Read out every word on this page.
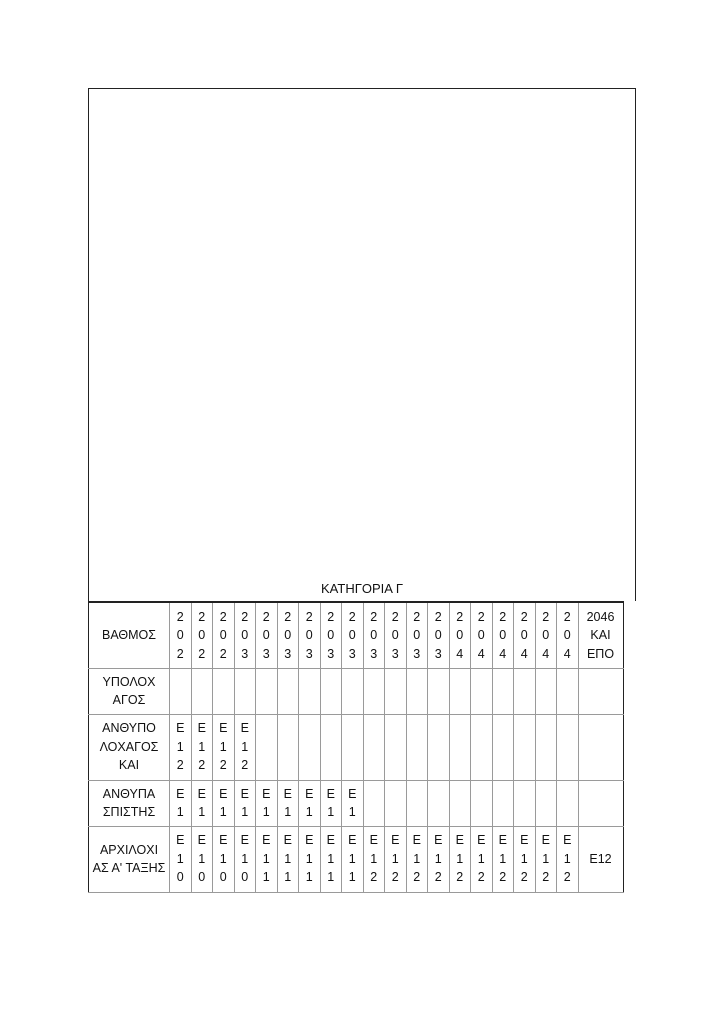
ΚΑΤΗΓΟΡΙΑ Γ
ΒΑΘΜΟΣ	202	202	202	203	203	203	203	203	203	203	203	203	203	204	204	204	204	204	204	2046 ΚΑΙ ΕΠΟ
ΥΠΟΛΟΧ ΑΓΟΣ																				
ΑΝΘΥΠΟ ΛΟΧΑΓΟΣ ΚΑΙ	Ε12	Ε12	Ε12	Ε12																
ΑΝΘΥΠΑ ΣΠΙΣΤΗΣ	Ε1	Ε1	Ε1	Ε1	Ε1	Ε1	Ε1	Ε1	Ε1											
ΑΡΧΙΛΟΧΙ ΑΣ Α' ΤΑΞΗΣ	Ε10	Ε10	Ε10	Ε10	Ε11	Ε11	Ε11	Ε11	Ε11	Ε12	Ε12	Ε12	Ε12	Ε12	Ε12	Ε12	Ε12	Ε12	Ε12	Ε12
